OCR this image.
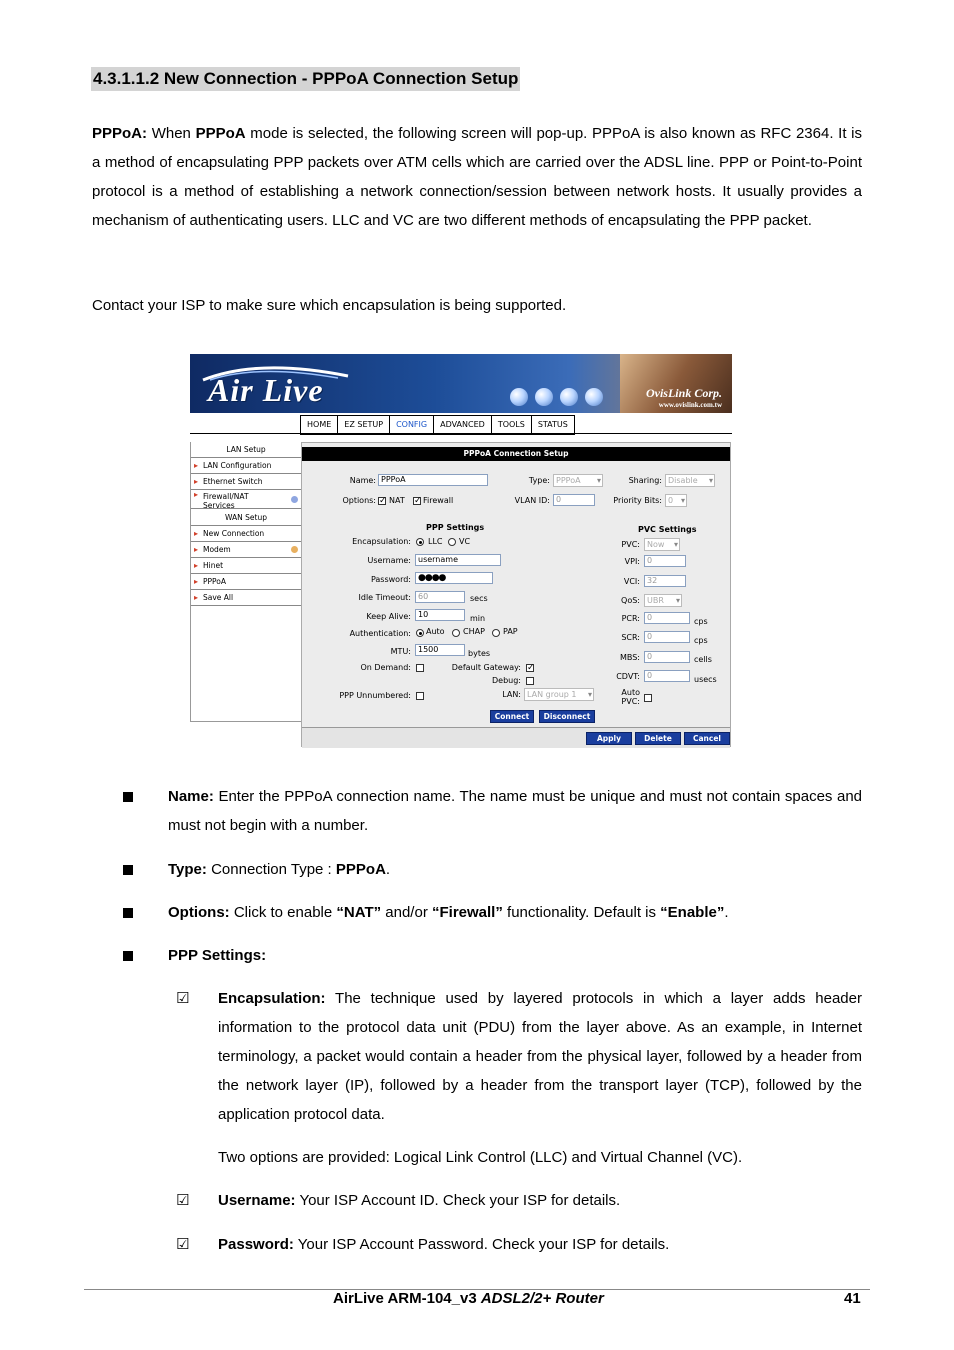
4.3.1.1.2 New Connection - PPPoA Connection Setup
PPPoA: When PPPoA mode is selected, the following screen will pop-up. PPPoA is also known as RFC 2364. It is a method of encapsulating PPP packets over ATM cells which are carried over the ADSL line. PPP or Point-to-Point protocol is a method of establishing a network connection/session between network hosts. It usually provides a mechanism of authenticating users. LLC and VC are two different methods of encapsulating the PPP packet.
Contact your ISP to make sure which encapsulation is being supported.
Air Live	OvisLink Corp.
www.ovislink.com.tw
HOME	EZ SETUP	CONFIG	ADVANCED	TOOLS	STATUS
LAN Setup
▸ LAN Configuration
▸ Ethernet Switch
▸ Firewall/NAT Services
WAN Setup
▸ New Connection
▸ Modem
▸ Hinet
▸ PPPoA
▸ Save All
PPPoA Connection Setup
Name: PPPoA	Type: PPPoA ▾	Sharing: Disable ▾
Options: ✓ NAT ✓ Firewall	VLAN ID: 0	Priority Bits: 0 ▾
PPP Settings	PVC Settings
Encapsulation: LLC VC
Username: username
Password: ●●●●
Idle Timeout: 60	secs
Keep Alive: 10	min
Authentication: Auto CHAP PAP
MTU: 1500	bytes
On Demand:	Default Gateway: ✓
Debug:
PPP Unnumbered:	LAN: LAN group 1 ▾
PVC: Now ▾
VPI: 0
VCI: 32
QoS: UBR ▾
PCR: 0	cps
SCR: 0	cps
MBS: 0	cells
CDVT: 0	usecs
Auto PVC:
Connect	Disconnect
Apply	Delete	Cancel
Name: Enter the PPPoA connection name. The name must be unique and must not contain spaces and must not begin with a number.
Type: Connection Type : PPPoA.
Options: Click to enable “NAT” and/or “Firewall” functionality. Default is “Enable”.
PPP Settings:
☑ Encapsulation: The technique used by layered protocols in which a layer adds header information to the protocol data unit (PDU) from the layer above. As an example, in Internet terminology, a packet would contain a header from the physical layer, followed by a header from the network layer (IP), followed by a header from the transport layer (TCP), followed by the application protocol data.
Two options are provided: Logical Link Control (LLC) and Virtual Channel (VC).
☑ Username: Your ISP Account ID. Check your ISP for details.
☑ Password: Your ISP Account Password. Check your ISP for details.
AirLive ARM-104_v3 ADSL2/2+ Router	41
